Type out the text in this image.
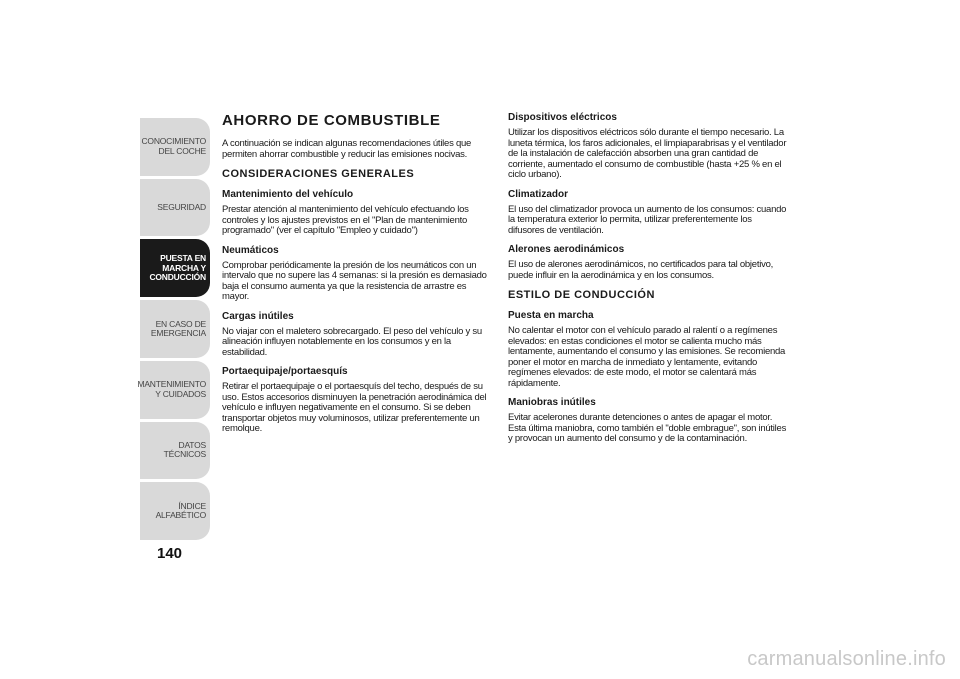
CONOCIMIENTO DEL COCHE
SEGURIDAD
PUESTA EN MARCHA Y CONDUCCIÓN
EN CASO DE EMERGENCIA
MANTENIMIENTO Y CUIDADOS
DATOS TÉCNICOS
ÍNDICE ALFABÉTICO
140
AHORRO DE COMBUSTIBLE
A continuación se indican algunas recomendaciones útiles que permiten ahorrar combustible y reducir las emisiones nocivas.
CONSIDERACIONES GENERALES
Mantenimiento del vehículo
Prestar atención al mantenimiento del vehículo efectuando los controles y los ajustes previstos en el "Plan de mantenimiento programado" (ver el capítulo "Empleo y cuidado")
Neumáticos
Comprobar periódicamente la presión de los neumáticos con un intervalo que no supere las 4 semanas: si la presión es demasiado baja el consumo aumenta ya que la resistencia de arrastre es mayor.
Cargas inútiles
No viajar con el maletero sobrecargado. El peso del vehículo y su alineación influyen notablemente en los consumos y en la estabilidad.
Portaequipaje/portaesquís
Retirar el portaequipaje o el portaesquís del techo, después de su uso. Estos accesorios disminuyen la penetración aerodinámica del vehículo e influyen negativamente en el consumo. Si se deben transportar objetos muy voluminosos, utilizar preferentemente un remolque.
Dispositivos eléctricos
Utilizar los dispositivos eléctricos sólo durante el tiempo necesario. La luneta térmica, los faros adicionales, el limpiaparabrisas y el ventilador de la instalación de calefacción absorben una gran cantidad de corriente, aumentado el consumo de combustible (hasta +25 % en el ciclo urbano).
Climatizador
El uso del climatizador provoca un aumento de los consumos: cuando la temperatura exterior lo permita, utilizar preferentemente los difusores de ventilación.
Alerones aerodinámicos
El uso de alerones aerodinámicos, no certificados para tal objetivo, puede influir en la aerodinámica y en los consumos.
ESTILO DE CONDUCCIÓN
Puesta en marcha
No calentar el motor con el vehículo parado al ralentí o a regímenes elevados: en estas condiciones el motor se calienta mucho más lentamente, aumentando el consumo y las emisiones. Se recomienda poner el motor en marcha de inmediato y lentamente, evitando regímenes elevados: de este modo, el motor se calentará más rápidamente.
Maniobras inútiles
Evitar acelerones durante detenciones o antes de apagar el motor. Esta última maniobra, como también el "doble embrague", son inútiles y provocan un aumento del consumo y de la contaminación.
carmanualsonline.info
